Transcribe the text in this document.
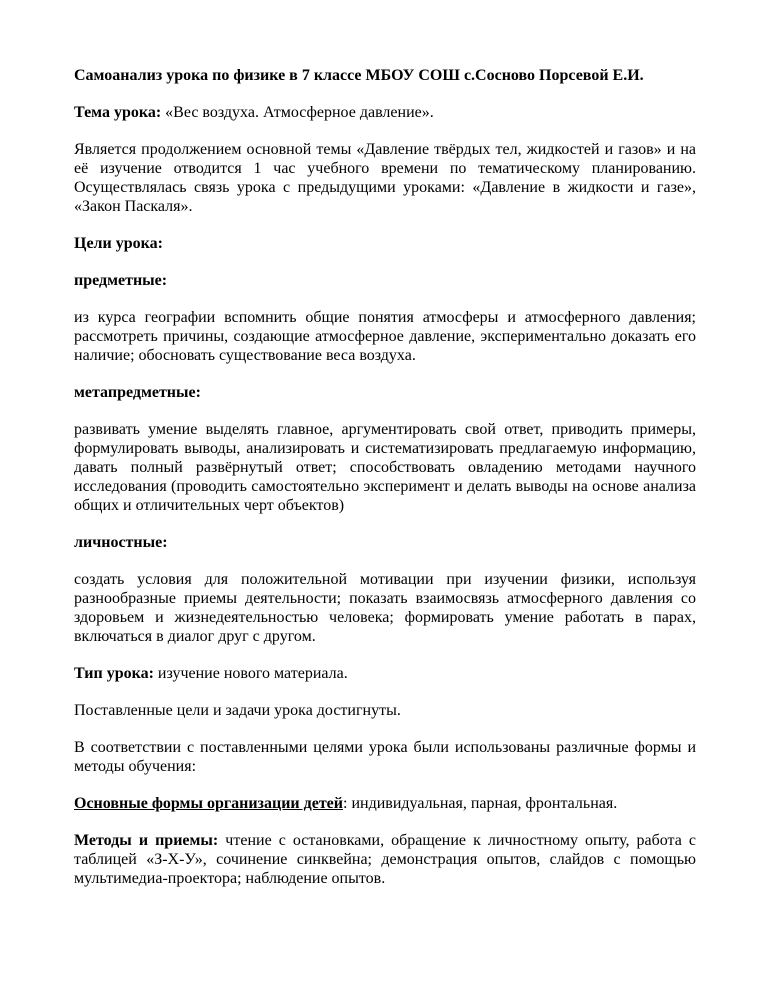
Самоанализ урока по физике в 7 классе МБОУ СОШ с.Сосново Порсевой Е.И.

Тема урока: «Вес воздуха. Атмосферное давление».

Является продолжением основной темы «Давление твёрдых тел, жидкостей и газов» и на её изучение отводится 1 час учебного времени по тематическому планированию. Осуществлялась связь урока с предыдущими уроками: «Давление в жидкости и газе», «Закон Паскаля».

Цели урока:

предметные:

из курса географии вспомнить общие понятия атмосферы и атмосферного давления; рассмотреть причины, создающие атмосферное давление, экспериментально доказать его наличие; обосновать существование веса воздуха.

метапредметные:

развивать умение выделять главное, аргументировать свой ответ, приводить примеры, формулировать выводы, анализировать и систематизировать предлагаемую информацию, давать полный развёрнутый ответ; способствовать овладению методами научного исследования (проводить самостоятельно эксперимент и делать выводы на основе анализа общих и отличительных черт объектов)

личностные:

создать условия для положительной мотивации при изучении физики, используя разнообразные приемы деятельности; показать взаимосвязь атмосферного давления со здоровьем и жизнедеятельностью человека; формировать умение работать в парах, включаться в диалог друг с другом.

Тип урока: изучение нового материала.

Поставленные цели и задачи урока достигнуты.

В соответствии с поставленными целями урока были использованы различные формы и методы обучения:

Основные формы организации детей: индивидуальная, парная, фронтальная.

Методы и приемы: чтение с остановками, обращение к личностному опыту, работа с таблицей «З-Х-У», сочинение синквейна; демонстрация опытов, слайдов с помощью мультимедиа-проектора; наблюдение опытов.
